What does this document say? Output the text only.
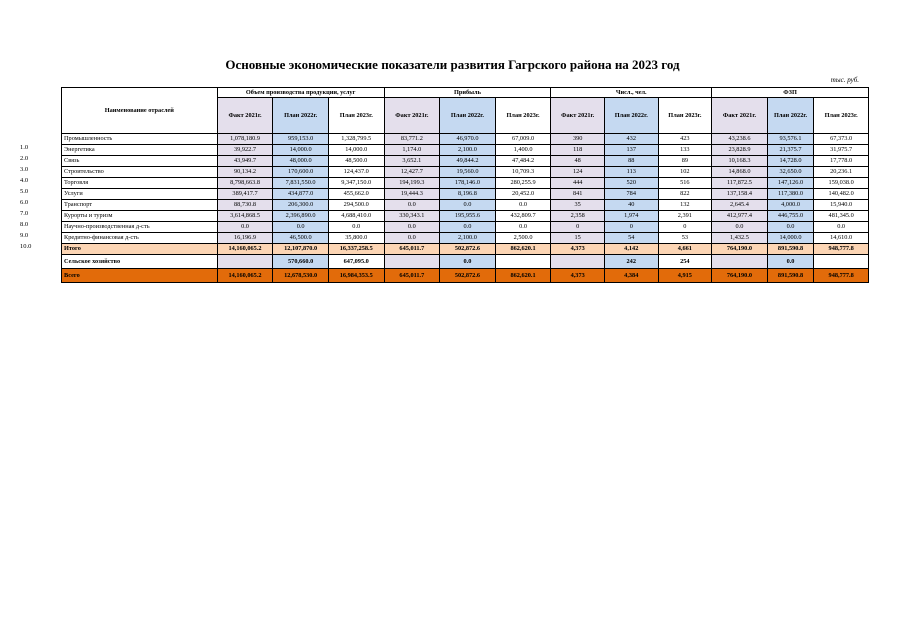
Основные экономические показатели развития Гагрского района на 2023 год
тыс. руб.
1.0
2.0
3.0
4.0
5.0
6.0
7.0
8.0
9.0
10.0
Наименование отраслей	Объем производства продукции, услуг			Прибыль			Числ., чел.			ФЗП		
	Факт 2021г.	План 2022г.	План 2023г.	Факт 2021г.	План 2022г.	План 2023г.	Факт 2021г.	План 2022г.	План 2023г.	Факт 2021г.	План 2022г.	План 2023г.
Промышленность	1,078,180.9	959,153.0	1,328,799.5	83,771.2	46,970.0	67,009.0	390	432	423	43,238.6	93,576.1	67,373.0
Энергетика	39,922.7	14,000.0	14,000.0	1,174.0	2,100.0	1,400.0	118	137	133	23,828.9	21,375.7	31,975.7
Связь	43,949.7	48,000.0	48,500.0	3,652.1	49,844.2	47,484.2	48	88	89	10,168.3	14,728.0	17,778.0
Строительство	90,134.2	170,600.0	124,437.0	12,427.7	19,560.0	10,709.3	124	113	102	14,868.0	32,650.0	20,236.1
Торговля	8,798,663.8	7,831,550.0	9,347,150.0	194,199.3	178,146.0	280,255.9	444	520	516	117,872.5	147,126.0	159,038.0
Услуги	389,417.7	434,877.0	455,662.0	19,444.3	8,196.8	20,452.0	841	784	822	137,158.4	117,380.0	140,482.0
Транспорт	88,730.8	206,300.0	294,500.0	0.0	0.0	0.0	35	40	132	2,645.4	4,000.0	15,940.0
Курорты и туризм	3,614,868.5	2,396,890.0	4,688,410.0	330,343.1	195,955.6	432,809.7	2,358	1,974	2,391	412,977.4	446,755.0	481,345.0
Научно-производственная д-сть	0.0	0.0	0.0	0.0	0.0	0.0	0	0	0	0.0	0.0	0.0
Кредитно-финансовая д-сть	16,196.9	46,500.0	35,800.0	0.0	2,100.0	2,500.0	15	54	53	1,432.5	14,000.0	14,610.0
Итого	14,160,065.2	12,107,870.0	16,337,258.5	645,011.7	502,872.6	862,620.1	4,373	4,142	4,661	764,190.0	891,590.8	948,777.8
Сельское хозяйство		570,660.0	647,095.0		0.0			242	254		0.0	
Всего	14,160,065.2	12,678,530.0	16,984,353.5	645,011.7	502,872.6	862,620.1	4,373	4,384	4,915	764,190.0	891,590.8	948,777.8
